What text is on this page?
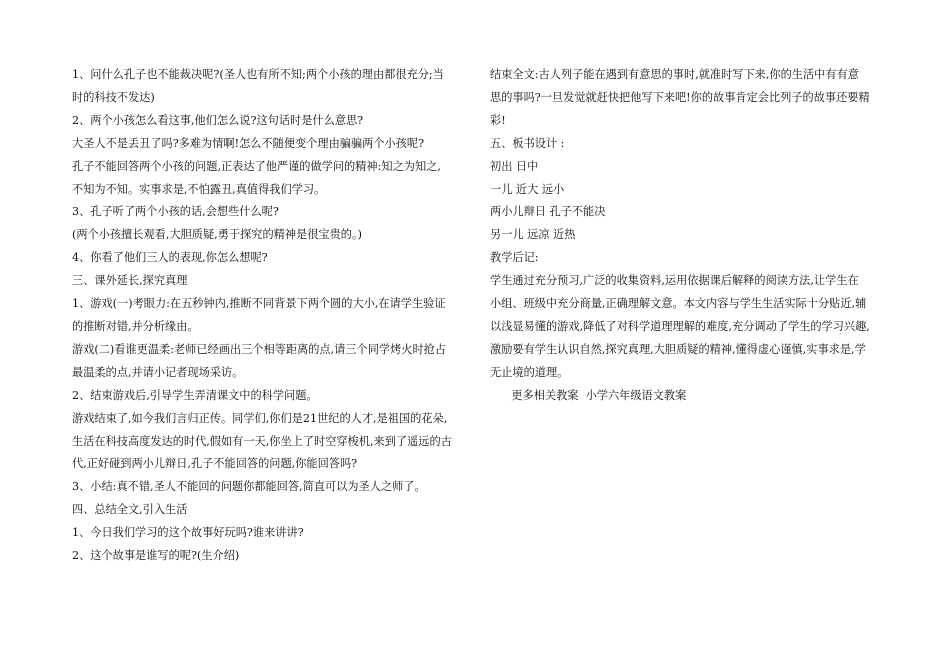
1、问什么孔子也不能裁决呢?(圣人也有所不知;两个小孩的理由都很充分;当
时的科技不发达)

2、两个小孩怎么看这事,他们怎么说?这句话时是什么意思?

大圣人不是丢丑了吗?多难为情啊!怎么不随便变个理由骗骗两个小孩呢?

孔子不能回答两个小孩的问题,正表达了他严谨的做学问的精神:知之为知之,
不知为不知。实事求是,不怕露丑,真值得我们学习。

3、孔子听了两个小孩的话,会想些什么呢?

(两个小孩擅长观看,大胆质疑,勇于探究的精神是很宝贵的。)

4、你看了他们三人的表现,你怎么想呢?

三、课外延长,探究真理

1、游戏(一)考眼力:在五秒钟内,推断不同背景下两个圆的大小,在请学生验证
的推断对错,并分析缘由。

游戏(二)看谁更温柔:老师已经画出三个相等距离的点,请三个同学烤火时抢占
最温柔的点,并请小记者现场采访。

2、结束游戏后,引导学生弄清课文中的科学问题。

游戏结束了,如今我们言归正传。同学们,你们是21世纪的人才,是祖国的花朵,
生活在科技高度发达的时代,假如有一天,你坐上了时空穿梭机,来到了遥远的古
代,正好碰到两小儿辩日,孔子不能回答的问题,你能回答吗?

3、小结:真不错,圣人不能回的问题你都能回答,简直可以为圣人之师了。

四、总结全文,引入生活

1、今日我们学习的这个故事好玩吗?谁来讲讲?

2、这个故事是谁写的呢?(生介绍)

结束全文:古人列子能在遇到有意思的事时,就准时写下来,你的生活中有有意
思的事吗?一旦发觉就赶快把他写下来吧!你的故事肯定会比列子的故事还要精
彩!

五、板书设计 :

初出 日中

一儿 近大 远小

两小儿辩日 孔子不能决

另一儿 远凉 近热

教学后记:

学生通过充分预习,广泛的收集资料,运用依据课后解释的阅读方法,让学生在
小组、班级中充分商量,正确理解文意。本文内容与学生生活实际十分贴近,辅
以浅显易懂的游戏,降低了对科学道理理解的难度,充分调动了学生的学习兴趣,
激励要有学生认识自然,探究真理,大胆质疑的精神,懂得虚心谨慎,实事求是,学
无止境的道理。

更多相关教案  小学六年级语文教案
